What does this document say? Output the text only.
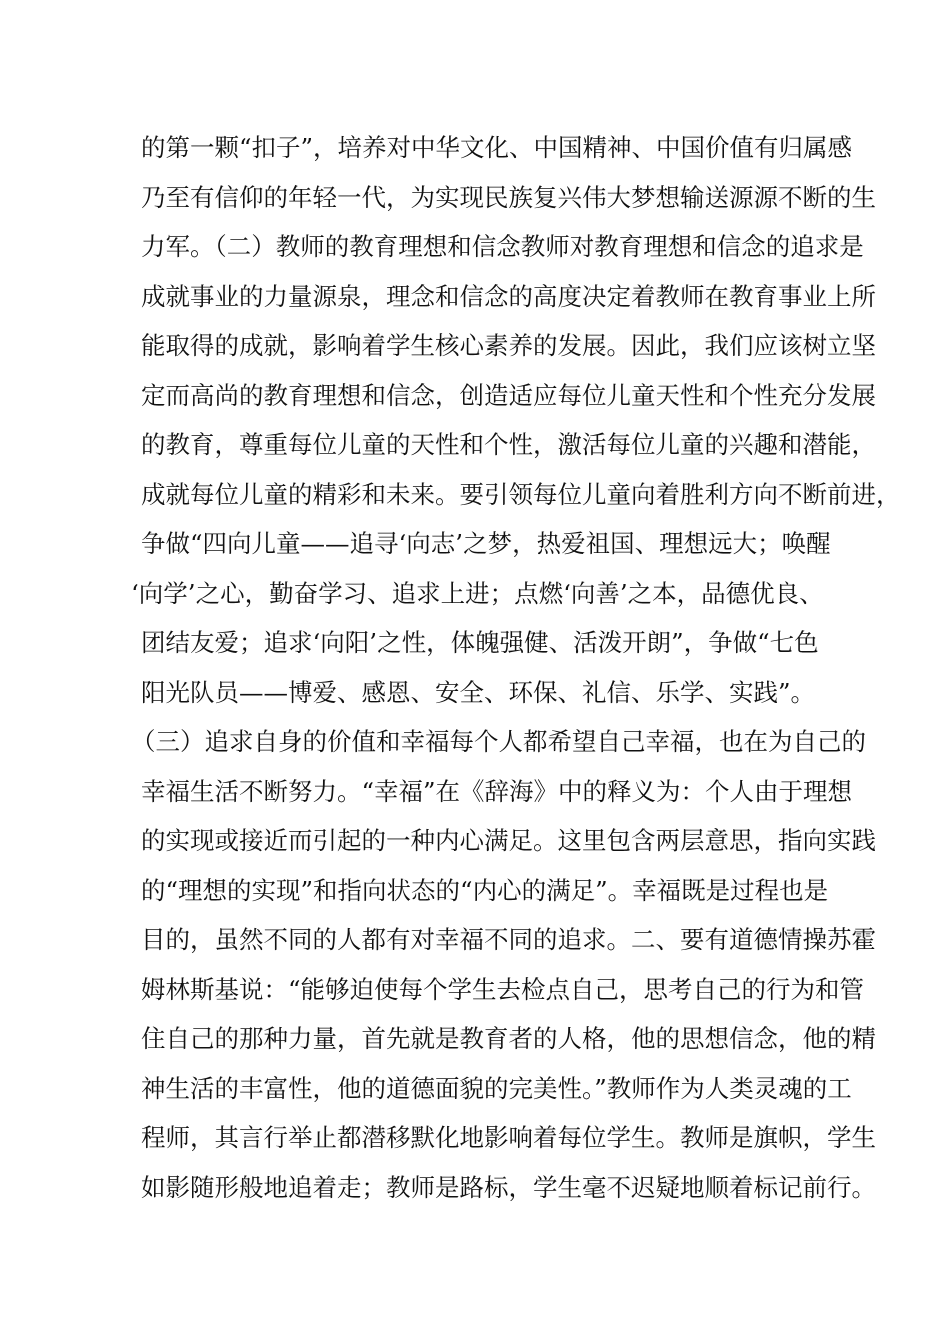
的第一颗“扣子”，培养对中华文化、中国精神、中国价值有归属感
乃至有信仰的年轻一代，为实现民族复兴伟大梦想输送源源不断的生
力军。（二）教师的教育理想和信念教师对教育理想和信念的追求是
成就事业的力量源泉，理念和信念的高度决定着教师在教育事业上所
能取得的成就，影响着学生核心素养的发展。因此，我们应该树立坚
定而高尚的教育理想和信念，创造适应每位儿童天性和个性充分发展
的教育，尊重每位儿童的天性和个性，激活每位儿童的兴趣和潜能，
成就每位儿童的精彩和未来。要引领每位儿童向着胜利方向不断前进，
争做“四向儿童——追寻‘向志’之梦，热爱祖国、理想远大；唤醒
‘向学’之心，勤奋学习、追求上进；点燃‘向善’之本，品德优良、
团结友爱；追求‘向阳’之性，体魄强健、活泼开朗”，争做“七色
阳光队员——博爱、感恩、安全、环保、礼信、乐学、实践”。
（三）追求自身的价值和幸福每个人都希望自己幸福，也在为自己的
幸福生活不断努力。“幸福”在《辞海》中的释义为：个人由于理想
的实现或接近而引起的一种内心满足。这里包含两层意思，指向实践
的“理想的实现”和指向状态的“内心的满足”。幸福既是过程也是
目的，虽然不同的人都有对幸福不同的追求。二、要有道德情操苏霍
姆林斯基说：“能够迫使每个学生去检点自己，思考自己的行为和管
住自己的那种力量，首先就是教育者的人格，他的思想信念，他的精
神生活的丰富性，他的道德面貌的完美性。”教师作为人类灵魂的工
程师，其言行举止都潜移默化地影响着每位学生。教师是旗帜，学生
如影随形般地追着走；教师是路标，学生毫不迟疑地顺着标记前行。
